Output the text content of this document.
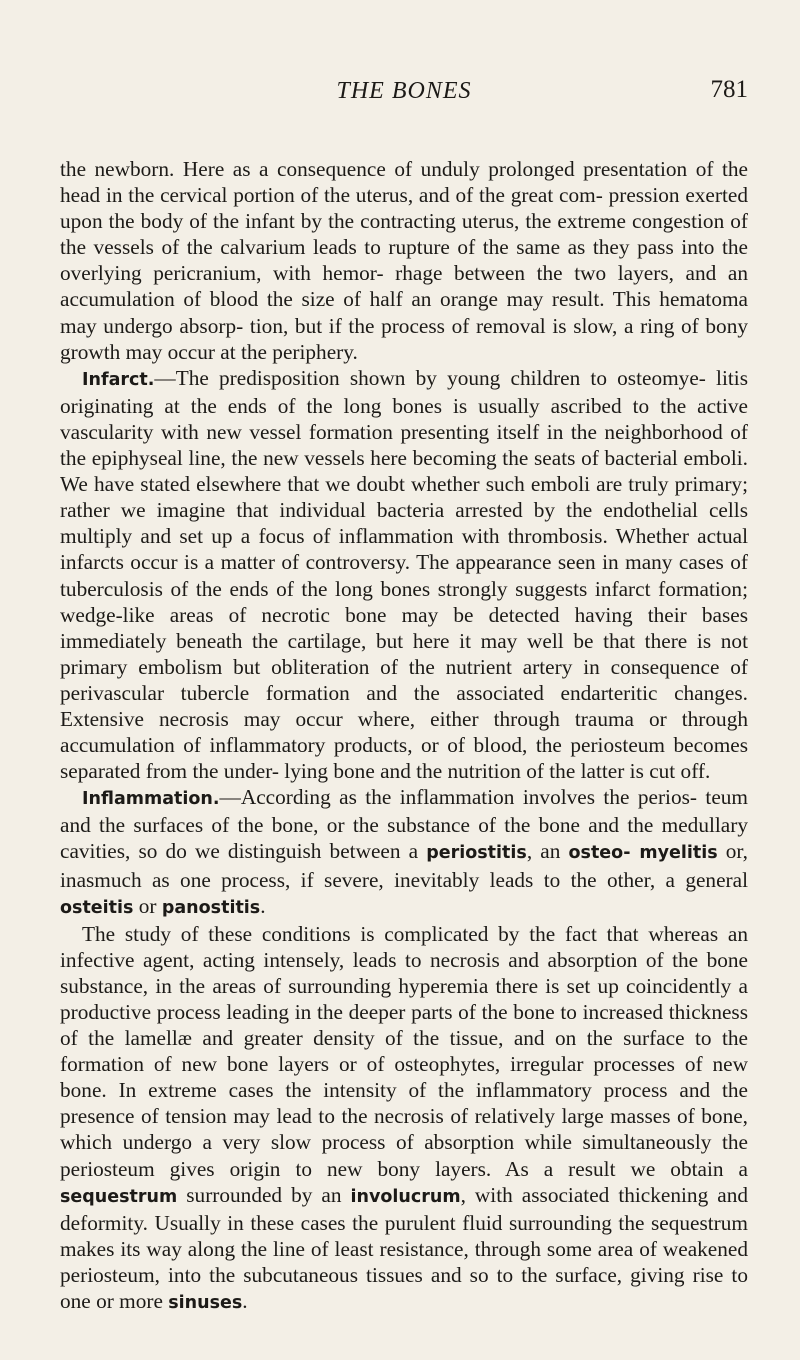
THE BONES	781

the newborn. Here as a consequence of unduly prolonged presentation of the head in the cervical portion of the uterus, and of the great com- pression exerted upon the body of the infant by the contracting uterus, the extreme congestion of the vessels of the calvarium leads to rupture of the same as they pass into the overlying pericranium, with hemor- rhage between the two layers, and an accumulation of blood the size of half an orange may result. This hematoma may undergo absorp- tion, but if the process of removal is slow, a ring of bony growth may occur at the periphery.

Infarct.—The predisposition shown by young children to osteomye- litis originating at the ends of the long bones is usually ascribed to the active vascularity with new vessel formation presenting itself in the neighborhood of the epiphyseal line, the new vessels here becoming the seats of bacterial emboli. We have stated elsewhere that we doubt whether such emboli are truly primary; rather we imagine that individual bacteria arrested by the endothelial cells multiply and set up a focus of inflammation with thrombosis. Whether actual infarcts occur is a matter of controversy. The appearance seen in many cases of tuberculosis of the ends of the long bones strongly suggests infarct formation; wedge-like areas of necrotic bone may be detected having their bases immediately beneath the cartilage, but here it may well be that there is not primary embolism but obliteration of the nutrient artery in consequence of perivascular tubercle formation and the associated endarteritic changes. Extensive necrosis may occur where, either through trauma or through accumulation of inflammatory products, or of blood, the periosteum becomes separated from the under- lying bone and the nutrition of the latter is cut off.

Inflammation.—According as the inflammation involves the perios- teum and the surfaces of the bone, or the substance of the bone and the medullary cavities, so do we distinguish between a periostitis, an osteo- myelitis or, inasmuch as one process, if severe, inevitably leads to the other, a general osteitis or panostitis.

The study of these conditions is complicated by the fact that whereas an infective agent, acting intensely, leads to necrosis and absorption of the bone substance, in the areas of surrounding hyperemia there is set up coincidently a productive process leading in the deeper parts of the bone to increased thickness of the lamellæ and greater density of the tissue, and on the surface to the formation of new bone layers or of osteophytes, irregular processes of new bone. In extreme cases the intensity of the inflammatory process and the presence of tension may lead to the necrosis of relatively large masses of bone, which undergo a very slow process of absorption while simultaneously the periosteum gives origin to new bony layers. As a result we obtain a sequestrum surrounded by an involucrum, with associated thickening and deformity. Usually in these cases the purulent fluid surrounding the sequestrum makes its way along the line of least resistance, through some area of weakened periosteum, into the subcutaneous tissues and so to the surface, giving rise to one or more sinuses.
